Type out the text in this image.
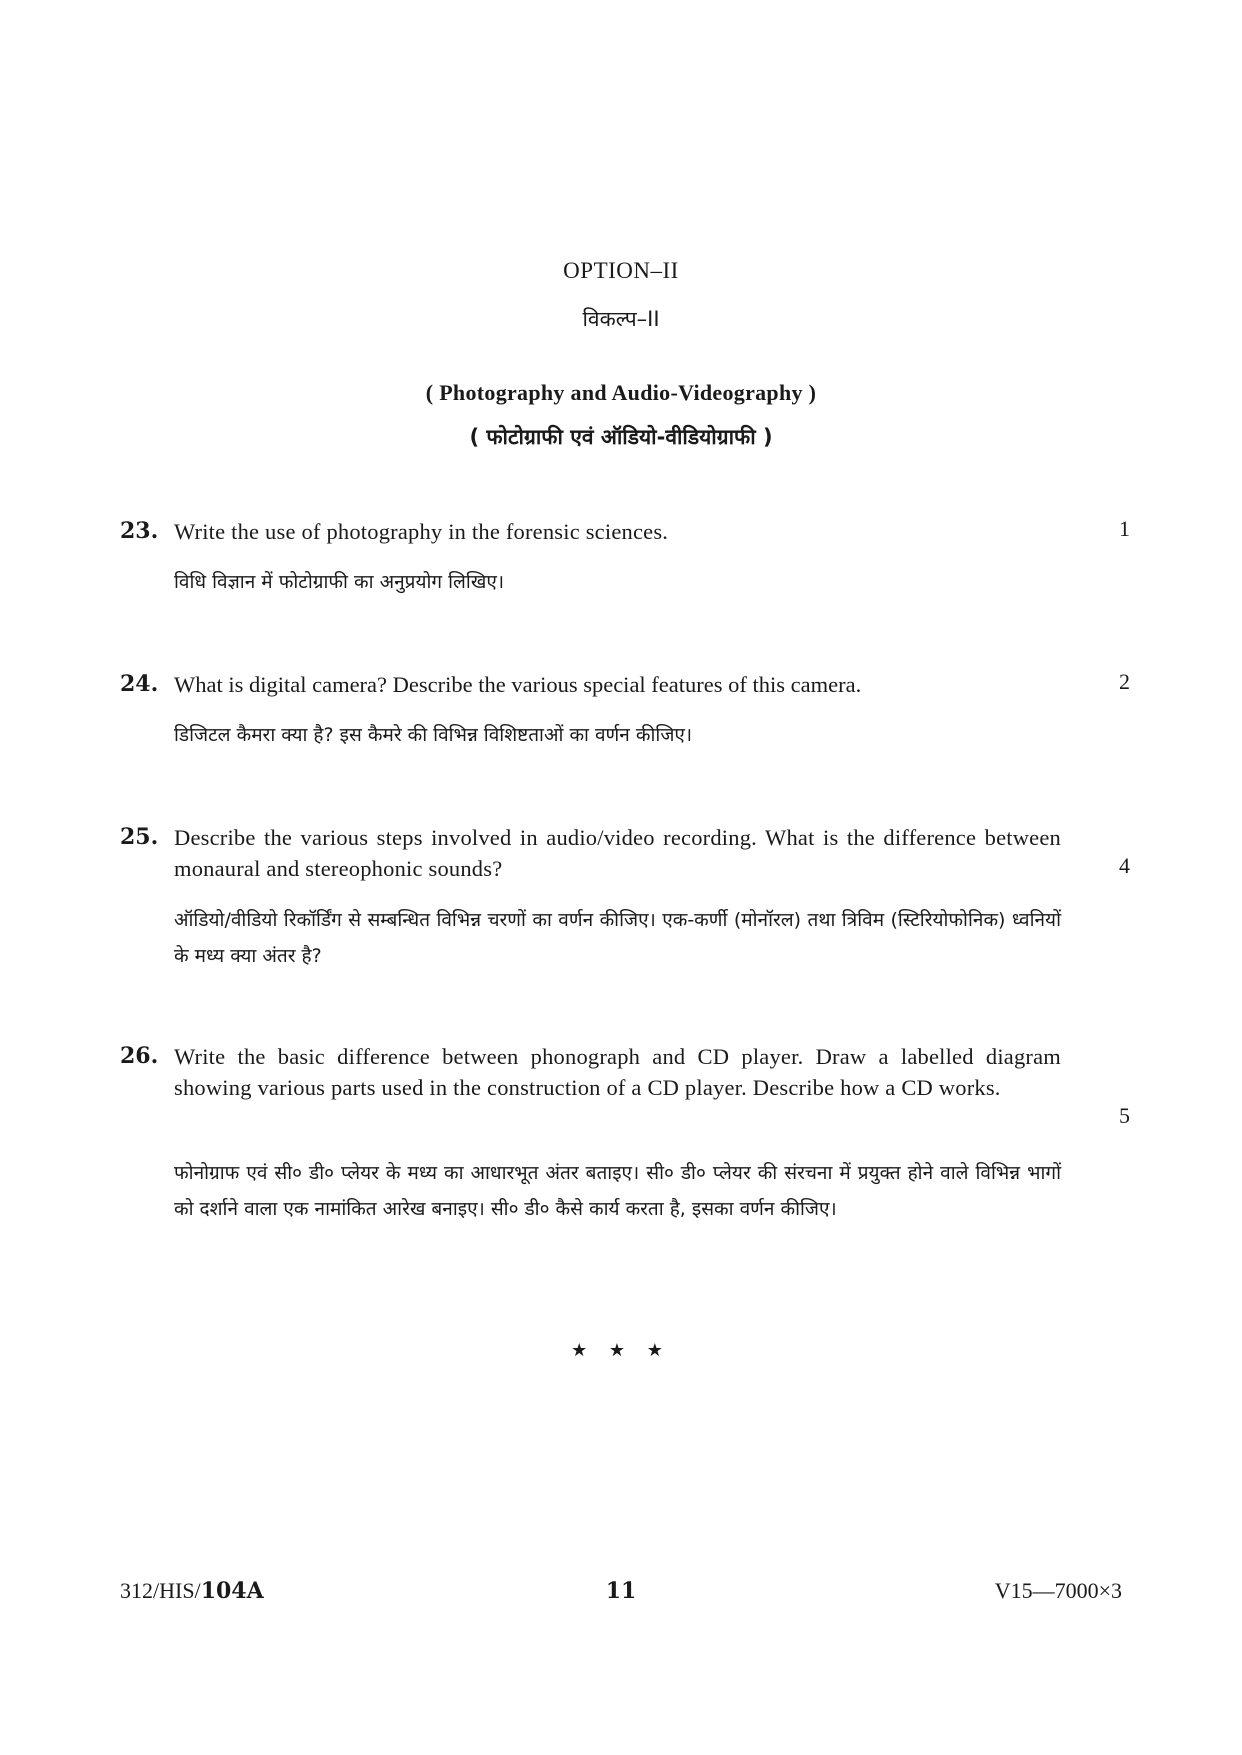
OPTION–II
विकल्प–II
( Photography and Audio-Videography )
( फोटोग्राफी एवं ऑडियो-वीडियोग्राफी )
23. Write the use of photography in the forensic sciences.	1
विधि विज्ञान में फोटोग्राफी का अनुप्रयोग लिखिए।
24. What is digital camera? Describe the various special features of this camera.	2
डिजिटल कैमरा क्या है? इस कैमरे की विभिन्न विशिष्टताओं का वर्णन कीजिए।
25. Describe the various steps involved in audio/video recording. What is the difference between monaural and stereophonic sounds?	4
ऑडियो/वीडियो रिकॉर्डिंग से सम्बन्धित विभिन्न चरणों का वर्णन कीजिए। एक-कर्णी (मोनॉरल) तथा त्रिविम (स्टिरियोफोनिक) ध्वनियों के मध्य क्या अंतर है?
26. Write the basic difference between phonograph and CD player. Draw a labelled diagram showing various parts used in the construction of a CD player. Describe how a CD works.
5
फोनोग्राफ एवं सी० डी० प्लेयर के मध्य का आधारभूत अंतर बताइए। सी० डी० प्लेयर की संरचना में प्रयुक्त होने वाले विभिन्न भागों को दर्शाने वाला एक नामांकित आरेख बनाइए। सी० डी० कैसे कार्य करता है, इसका वर्णन कीजिए।
★ ★ ★
312/HIS/104A	11	V15—7000×3
